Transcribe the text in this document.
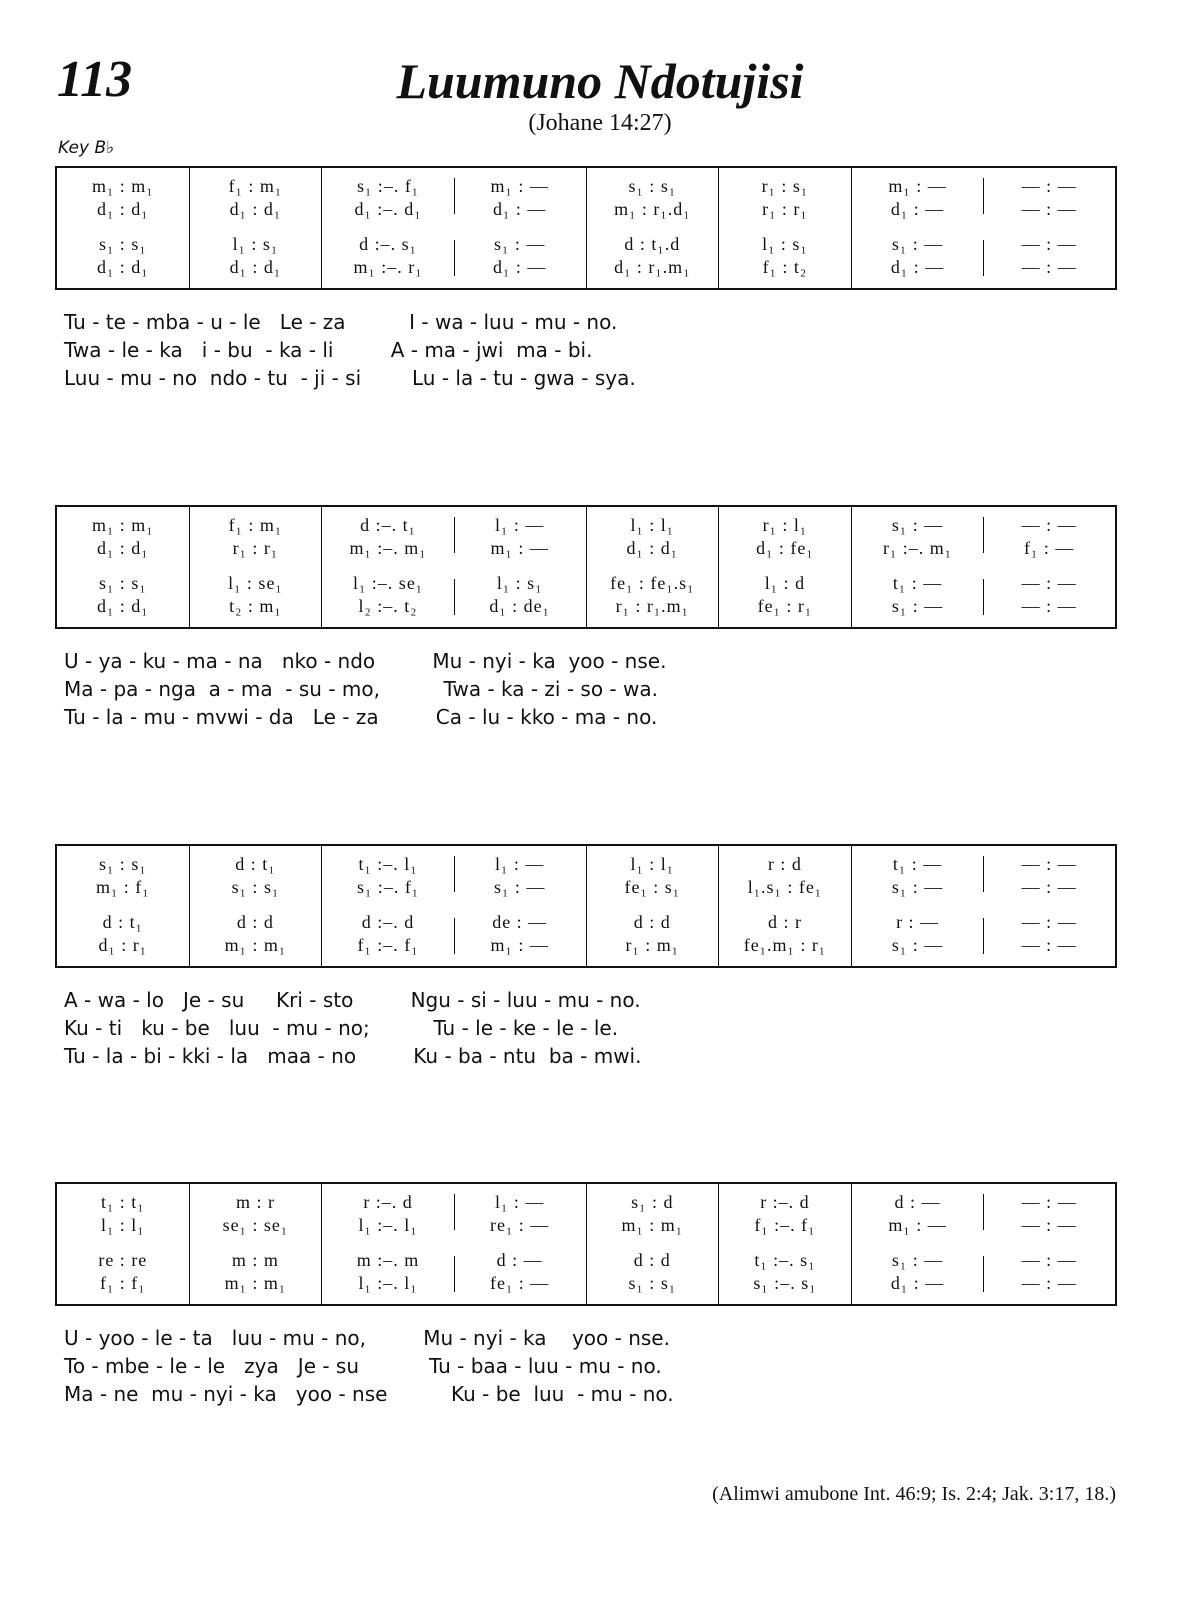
113	Luumuno Ndotujisi
(Johane 14:27)
Key B♭
m₁ : m₁
d₁ : d₁
s₁ : s₁
d₁ : d₁
f₁ : m₁
d₁ : d₁
l₁ : s₁
d₁ : d₁
s₁ :–. f₁
d₁ :–. d₁
d :–. s₁
m₁ :–. r₁
m₁ : —
d₁ : —
s₁ : —
d₁ : —
s₁ : s₁
m₁ : r₁.d₁
d : t₁.d
d₁ : r₁.m₁
r₁ : s₁
r₁ : r₁
l₁ : s₁
f₁ : t₂
m₁ : —
d₁ : —
s₁ : —
d₁ : —
— : —
— : —
— : —
— : —
Tu - te - mba - u - le   Le - za          I - wa - luu - mu - no.
Twa - le - ka   i - bu  - ka - li         A - ma - jwi  ma - bi.
Luu - mu - no  ndo - tu  - ji - si        Lu - la - tu - gwa - sya.
m₁ : m₁
d₁ : d₁
s₁ : s₁
d₁ : d₁
f₁ : m₁
r₁ : r₁
l₁ : se₁
t₂ : m₁
d :–. t₁
m₁ :–. m₁
l₁ :–. se₁
l₂ :–. t₂
l₁ : —
m₁ : —
l₁ : s₁
d₁ : de₁
l₁ : l₁
d₁ : d₁
fe₁ : fe₁.s₁
r₁ : r₁.m₁
r₁ : l₁
d₁ : fe₁
l₁ : d
fe₁ : r₁
s₁ : —
r₁ :–. m₁
t₁ : —
s₁ : —
— : —
f₁ : —
— : —
— : —
U - ya - ku - ma - na   nko - ndo         Mu - nyi - ka  yoo - nse.
Ma - pa - nga  a - ma  - su - mo,          Twa - ka - zi - so - wa.
Tu - la - mu - mvwi - da   Le - za         Ca - lu - kko - ma - no.
s₁ : s₁
m₁ : f₁
d : t₁
d₁ : r₁
d : t₁
s₁ : s₁
d : d
m₁ : m₁
t₁ :–. l₁
s₁ :–. f₁
d :–. d
f₁ :–. f₁
l₁ : —
s₁ : —
de : —
m₁ : —
l₁ : l₁
fe₁ : s₁
d : d
r₁ : m₁
r : d
l₁.s₁ : fe₁
d : r
fe₁.m₁ : r₁
t₁ : —
s₁ : —
r : —
s₁ : —
— : —
— : —
— : —
— : —
A - wa - lo   Je - su     Kri - sto         Ngu - si - luu - mu - no.
Ku - ti   ku - be   luu  - mu - no;          Tu - le - ke - le - le.
Tu - la - bi - kki - la   maa - no         Ku - ba - ntu  ba - mwi.
t₁ : t₁
l₁ : l₁
re : re
f₁ : f₁
m : r
se₁ : se₁
m : m
m₁ : m₁
r :–. d
l₁ :–. l₁
m :–. m
l₁ :–. l₁
l₁ : —
re₁ : —
d : —
fe₁ : —
s₁ : d
m₁ : m₁
d : d
s₁ : s₁
r :–. d
f₁ :–. f₁
t₁ :–. s₁
s₁ :–. s₁
d : —
m₁ : —
s₁ : —
d₁ : —
— : —
— : —
— : —
— : —
U - yoo - le - ta   luu - mu - no,         Mu - nyi - ka    yoo - nse.
To - mbe - le - le   zya   Je - su           Tu - baa - luu - mu - no.
Ma - ne  mu - nyi - ka   yoo - nse          Ku - be  luu  - mu - no.
(Alimwi amubone Int. 46:9; Is. 2:4; Jak. 3:17, 18.)
